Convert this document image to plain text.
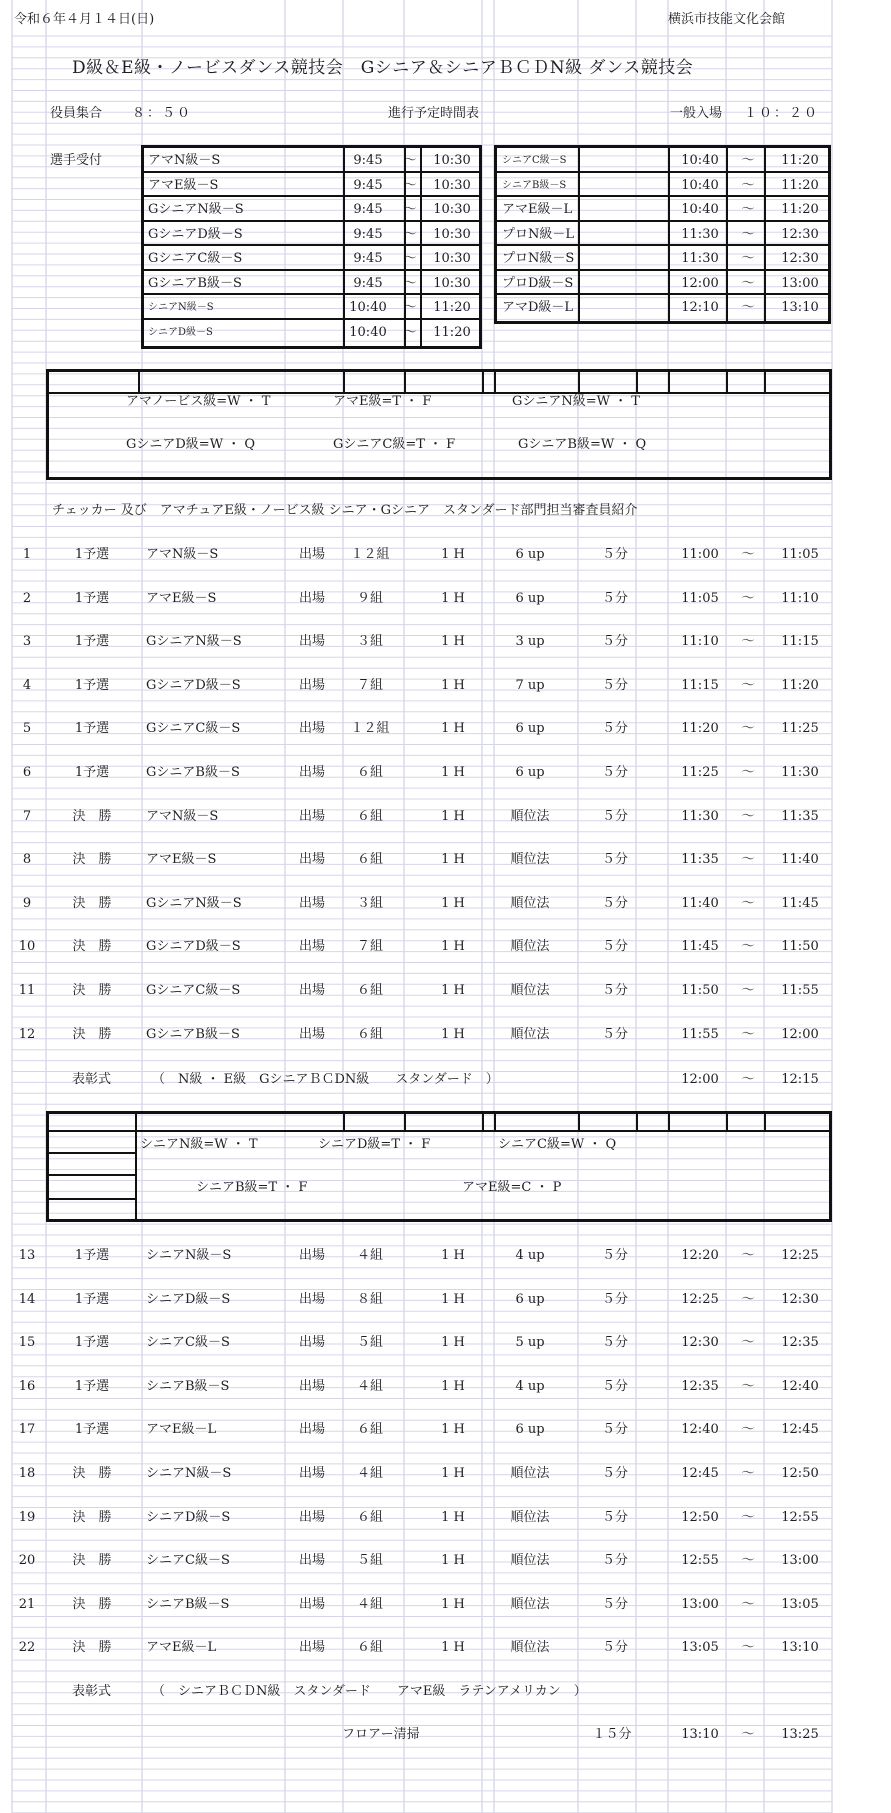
令和６年４月１４日(日)	横浜市技能文化会館
D級＆E級・ノービスダンス競技会　Gシニア＆シニアＢＣＤN級 ダンス競技会
役員集合 ８：５０	進行予定時間表	一般入場 １０：２０
選手受付	アマN級－S	9:45 ～ 10:30
アマE級－S	9:45 ～ 10:30
GシニアN級－S	9:45 ～ 10:30
GシニアD級－S	9:45 ～ 10:30
GシニアC級－S	9:45 ～ 10:30
GシニアB級－S	9:45 ～ 10:30
シニアN級－S	10:40 ～ 11:20
シニアD級－S	10:40 ～ 11:20
シニアC級－S	10:40 ～ 11:20
シニアB級－S	10:40 ～ 11:20
アマE級－L	10:40 ～ 11:20
プロN級－L	11:30 ～ 12:30
プロN級－S	11:30 ～ 12:30
プロD級－S	12:00 ～ 13:00
アマD級－L	12:10 ～ 13:10
アマノービス級=W ・ T	アマE級=T ・ F	GシニアN級=W ・ T
GシニアD級=W ・ Q	GシニアC級=T ・ F	GシニアB級=W ・ Q
チェッカー 及び　アマチュアE級・ノービス級 シニア・Gシニア　スタンダード部門担当審査員紹介
1	1予選	アマN級－S	出場 １２組	1 H	6 up	５分	11:00 ～ 11:05
2	1予選	アマE級－S	出場 ９組	1 H	6 up	５分	11:05 ～ 11:10
3	1予選	GシニアN級－S	出場 ３組	1 H	3 up	５分	11:10 ～ 11:15
4	1予選	GシニアD級－S	出場 ７組	1 H	7 up	５分	11:15 ～ 11:20
5	1予選	GシニアC級－S	出場 １２組	1 H	6 up	５分	11:20 ～ 11:25
6	1予選	GシニアB級－S	出場 ６組	1 H	6 up	５分	11:25 ～ 11:30
7	決　勝	アマN級－S	出場 ６組	1 H	順位法	５分	11:30 ～ 11:35
8	決　勝	アマE級－S	出場 ６組	1 H	順位法	５分	11:35 ～ 11:40
9	決　勝	GシニアN級－S	出場 ３組	1 H	順位法	５分	11:40 ～ 11:45
10	決　勝	GシニアD級－S	出場 ７組	1 H	順位法	５分	11:45 ～ 11:50
11	決　勝	GシニアC級－S	出場 ６組	1 H	順位法	５分	11:50 ～ 11:55
12	決　勝	GシニアB級－S	出場 ６組	1 H	順位法	５分	11:55 ～ 12:00
表彰式	（　N級 ・ E級　GシニアＢＣDN級　　スタンダード　）	12:00 ～ 12:15
シニアN級=W ・ T	シニアD級=T ・ F	シニアC級=W ・ Q
シニアB級=T ・ F	アマE級=C ・ P
13	1予選	シニアN級－S	出場 ４組	1 H	4 up	５分	12:20 ～ 12:25
14	1予選	シニアD級－S	出場 ８組	1 H	6 up	５分	12:25 ～ 12:30
15	1予選	シニアC級－S	出場 ５組	1 H	5 up	５分	12:30 ～ 12:35
16	1予選	シニアB級－S	出場 ４組	1 H	4 up	５分	12:35 ～ 12:40
17	1予選	アマE級－L	出場 ６組	1 H	6 up	５分	12:40 ～ 12:45
18	決　勝	シニアN級－S	出場 ４組	1 H	順位法	５分	12:45 ～ 12:50
19	決　勝	シニアD級－S	出場 ６組	1 H	順位法	５分	12:50 ～ 12:55
20	決　勝	シニアC級－S	出場 ５組	1 H	順位法	５分	12:55 ～ 13:00
21	決　勝	シニアB級－S	出場 ４組	1 H	順位法	５分	13:00 ～ 13:05
22	決　勝	アマE級－L	出場 ６組	1 H	順位法	５分	13:05 ～ 13:10
表彰式	（　シニアＢＣＤN級　スタンダード　　アマE級　ラテンアメリカン　）
フロアー清掃	１５分	13:10 ～ 13:25
